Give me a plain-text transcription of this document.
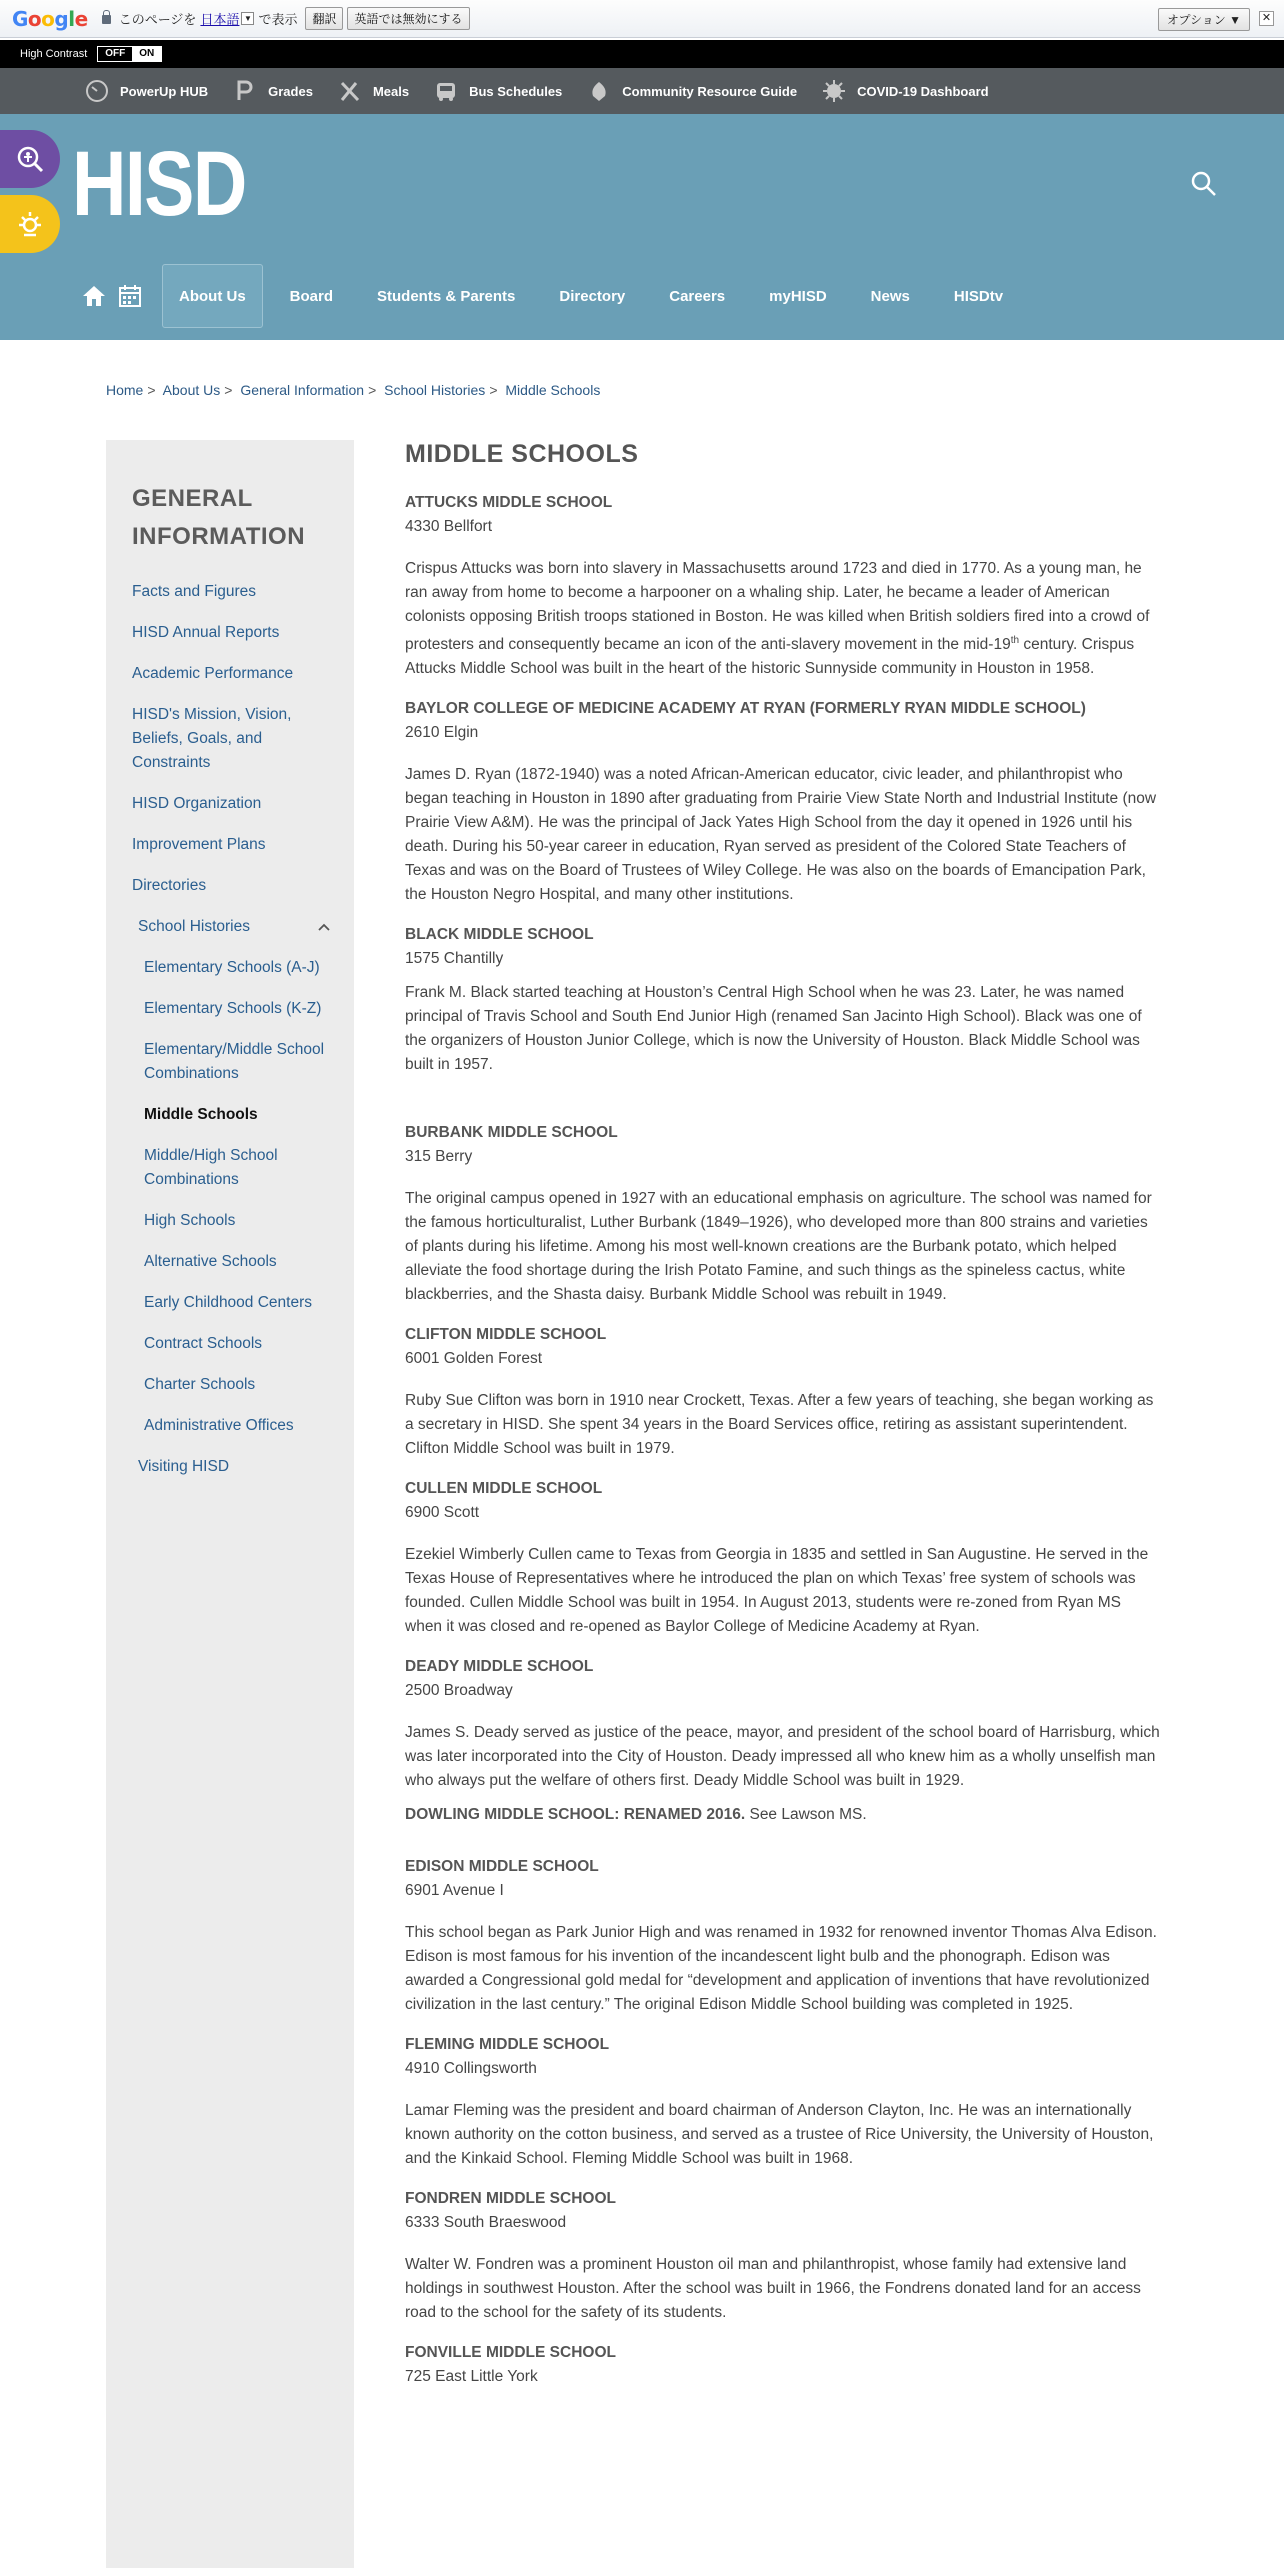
Google このページを 日本語 ▼ で表示	翻訳	英語では無効にする	オプション ▼	✕
High Contrast	OFF	ON
PowerUp HUB	Grades	Meals	Bus Schedules	Community Resource Guide	COVID-19 Dashboard
HISD
About Us	Board	Students & Parents	Directory	Careers	myHISD	News	HISDtv
Home > About Us > General Information > School Histories > Middle Schools
GENERAL INFORMATION
Facts and Figures
HISD Annual Reports
Academic Performance
HISD's Mission, Vision, Beliefs, Goals, and Constraints
HISD Organization
Improvement Plans
Directories
School Histories
Elementary Schools (A-J)
Elementary Schools (K-Z)
Elementary/Middle School Combinations
Middle Schools
Middle/High School Combinations
High Schools
Alternative Schools
Early Childhood Centers
Contract Schools
Charter Schools
Administrative Offices
Visiting HISD
MIDDLE SCHOOLS
ATTUCKS MIDDLE SCHOOL
4330 Bellfort

Crispus Attucks was born into slavery in Massachusetts around 1723 and died in 1770. As a young man, he ran away from home to become a harpooner on a whaling ship. Later, he became a leader of American colonists opposing British troops stationed in Boston. He was killed when British soldiers fired into a crowd of protesters and consequently became an icon of the anti-slavery movement in the mid-19th century. Crispus Attucks Middle School was built in the heart of the historic Sunnyside community in Houston in 1958.

BAYLOR COLLEGE OF MEDICINE ACADEMY AT RYAN (FORMERLY RYAN MIDDLE SCHOOL)
2610 Elgin

James D. Ryan (1872-1940) was a noted African-American educator, civic leader, and philanthropist who began teaching in Houston in 1890 after graduating from Prairie View State North and Industrial Institute (now Prairie View A&M). He was the principal of Jack Yates High School from the day it opened in 1926 until his death. During his 50-year career in education, Ryan served as president of the Colored State Teachers of Texas and was on the Board of Trustees of Wiley College. He was also on the boards of Emancipation Park, the Houston Negro Hospital, and many other institutions.

BLACK MIDDLE SCHOOL
1575 Chantilly

Frank M. Black started teaching at Houston’s Central High School when he was 23. Later, he was named principal of Travis School and South End Junior High (renamed San Jacinto High School). Black was one of the organizers of Houston Junior College, which is now the University of Houston. Black Middle School was built in 1957.

BURBANK MIDDLE SCHOOL
315 Berry

The original campus opened in 1927 with an educational emphasis on agriculture. The school was named for the famous horticulturalist, Luther Burbank (1849–1926), who developed more than 800 strains and varieties of plants during his lifetime. Among his most well-known creations are the Burbank potato, which helped alleviate the food shortage during the Irish Potato Famine, and such things as the spineless cactus, white blackberries, and the Shasta daisy. Burbank Middle School was rebuilt in 1949.

CLIFTON MIDDLE SCHOOL
6001 Golden Forest

Ruby Sue Clifton was born in 1910 near Crockett, Texas. After a few years of teaching, she began working as a secretary in HISD. She spent 34 years in the Board Services office, retiring as assistant superintendent. Clifton Middle School was built in 1979.

CULLEN MIDDLE SCHOOL
6900 Scott

Ezekiel Wimberly Cullen came to Texas from Georgia in 1835 and settled in San Augustine. He served in the Texas House of Representatives where he introduced the plan on which Texas’ free system of schools was founded. Cullen Middle School was built in 1954. In August 2013, students were re-zoned from Ryan MS when it was closed and re-opened as Baylor College of Medicine Academy at Ryan.

DEADY MIDDLE SCHOOL
2500 Broadway

James S. Deady served as justice of the peace, mayor, and president of the school board of Harrisburg, which was later incorporated into the City of Houston. Deady impressed all who knew him as a wholly unselfish man who always put the welfare of others first. Deady Middle School was built in 1929.

DOWLING MIDDLE SCHOOL: RENAMED 2016. See Lawson MS.

EDISON MIDDLE SCHOOL
6901 Avenue I

This school began as Park Junior High and was renamed in 1932 for renowned inventor Thomas Alva Edison. Edison is most famous for his invention of the incandescent light bulb and the phonograph. Edison was awarded a Congressional gold medal for “development and application of inventions that have revolutionized civilization in the last century.” The original Edison Middle School building was completed in 1925.

FLEMING MIDDLE SCHOOL
4910 Collingsworth

Lamar Fleming was the president and board chairman of Anderson Clayton, Inc. He was an internationally known authority on the cotton business, and served as a trustee of Rice University, the University of Houston, and the Kinkaid School. Fleming Middle School was built in 1968.

FONDREN MIDDLE SCHOOL
6333 South Braeswood

Walter W. Fondren was a prominent Houston oil man and philanthropist, whose family had extensive land holdings in southwest Houston. After the school was built in 1966, the Fondrens donated land for an access road to the school for the safety of its students.

FONVILLE MIDDLE SCHOOL
725 East Little York
